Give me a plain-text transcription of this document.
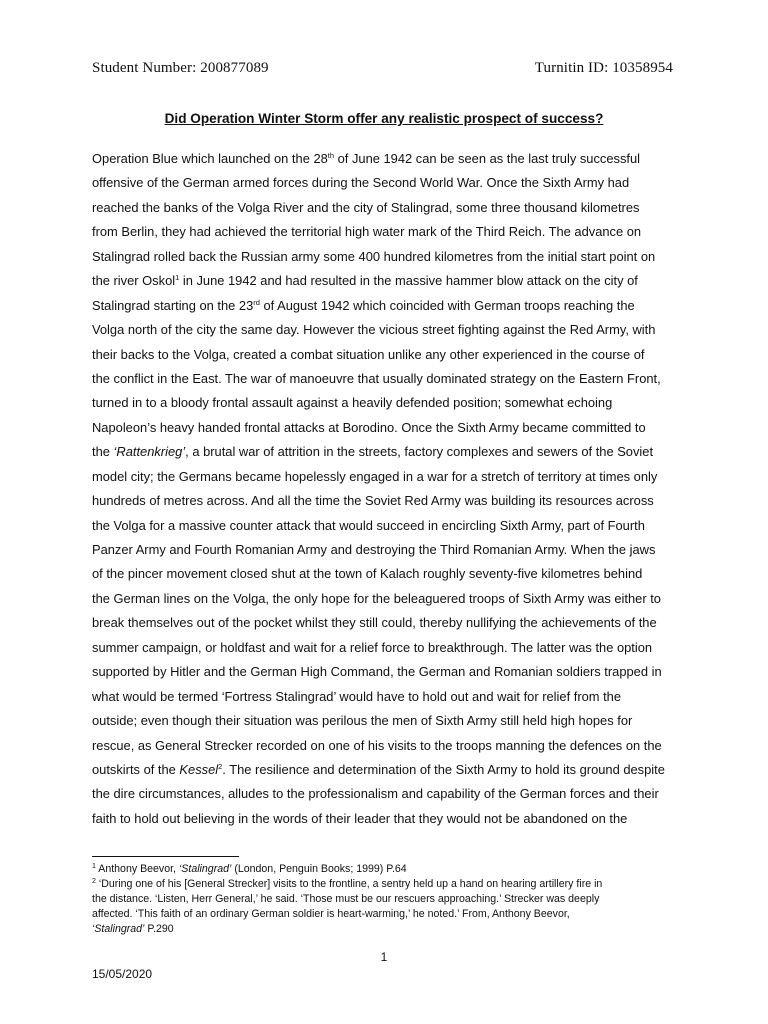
Student Number: 200877089	Turnitin ID: 10358954
Did Operation Winter Storm offer any realistic prospect of success?
Operation Blue which launched on the 28th of June 1942 can be seen as the last truly successful
offensive of the German armed forces during the Second World War. Once the Sixth Army had
reached the banks of the Volga River and the city of Stalingrad, some three thousand kilometres
from Berlin, they had achieved the territorial high water mark of the Third Reich. The advance on
Stalingrad rolled back the Russian army some 400 hundred kilometres from the initial start point on
the river Oskol$^1$ in June 1942 and had resulted in the massive hammer blow attack on the city of
Stalingrad starting on the 23rd of August 1942 which coincided with German troops reaching the
Volga north of the city the same day. However the vicious street fighting against the Red Army, with
their backs to the Volga, created a combat situation unlike any other experienced in the course of
the conflict in the East. The war of manoeuvre that usually dominated strategy on the Eastern Front,
turned in to a bloody frontal assault against a heavily defended position; somewhat echoing
Napoleon’s heavy handed frontal attacks at Borodino. Once the Sixth Army became committed to
the ‘Rattenkrieg’, a brutal war of attrition in the streets, factory complexes and sewers of the Soviet
model city; the Germans became hopelessly engaged in a war for a stretch of territory at times only
hundreds of metres across. And all the time the Soviet Red Army was building its resources across
the Volga for a massive counter attack that would succeed in encircling Sixth Army, part of Fourth
Panzer Army and Fourth Romanian Army and destroying the Third Romanian Army. When the jaws
of the pincer movement closed shut at the town of Kalach roughly seventy-five kilometres behind
the German lines on the Volga, the only hope for the beleaguered troops of Sixth Army was either to
break themselves out of the pocket whilst they still could, thereby nullifying the achievements of the
summer campaign, or holdfast and wait for a relief force to breakthrough. The latter was the option
supported by Hitler and the German High Command, the German and Romanian soldiers trapped in
what would be termed ‘Fortress Stalingrad’ would have to hold out and wait for relief from the
outside; even though their situation was perilous the men of Sixth Army still held high hopes for
rescue, as General Strecker recorded on one of his visits to the troops manning the defences on the
outskirts of the Kessel$^2$. The resilience and determination of the Sixth Army to hold its ground despite
the dire circumstances, alludes to the professionalism and capability of the German forces and their
faith to hold out believing in the words of their leader that they would not be abandoned on the
$^1$ Anthony Beevor, ‘Stalingrad’ (London, Penguin Books; 1999) P.64
$^2$ ‘During one of his [General Strecker] visits to the frontline, a sentry held up a hand on hearing artillery fire in
the distance. ‘Listen, Herr General,’ he said. ‘Those must be our rescuers approaching.’ Strecker was deeply
affected. ‘This faith of an ordinary German soldier is heart-warming,’ he noted.’ From, Anthony Beevor,
‘Stalingrad’ P.290
1
15/05/2020
